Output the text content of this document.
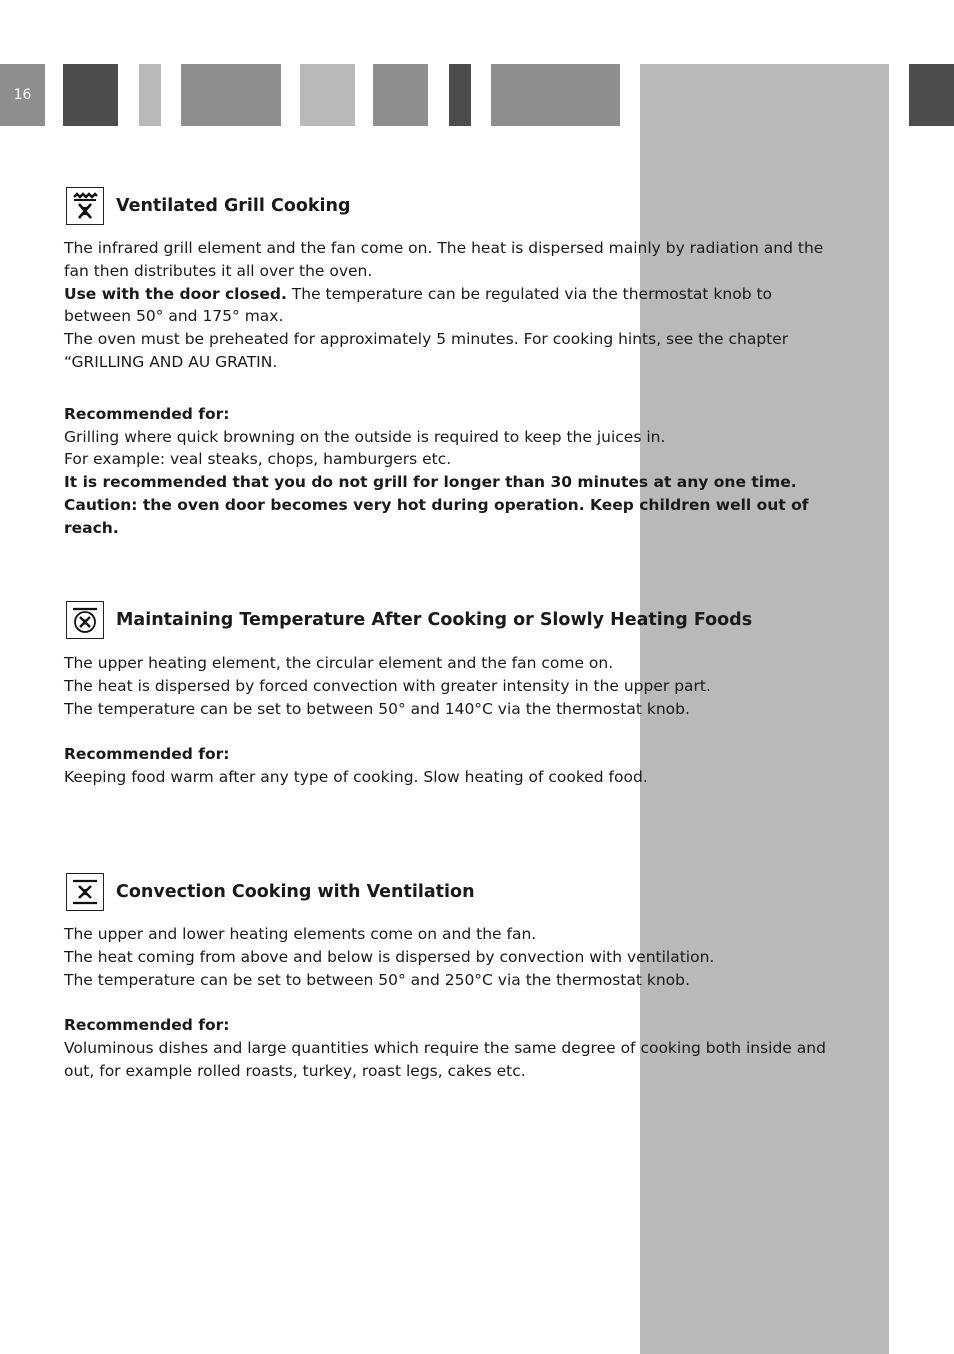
16
Ventilated Grill Cooking

The infrared grill element and the fan come on. The heat is dispersed mainly by radiation and the fan then distributes it all over the oven.

Use with the door closed. The temperature can be regulated via the thermostat knob to between 50° and 175° max.

The oven must be preheated for approximately 5 minutes. For cooking hints, see the chapter “GRILLING AND AU GRATIN.

Recommended for:

Grilling where quick browning on the outside is required to keep the juices in.

For example: veal steaks, chops, hamburgers etc.

It is recommended that you do not grill for longer than 30 minutes at any one time.

Caution: the oven door becomes very hot during operation. Keep children well out of reach.

Maintaining Temperature After Cooking or Slowly Heating Foods

The upper heating element, the circular element and the fan come on.

The heat is dispersed by forced convection with greater intensity in the upper part.

The temperature can be set to between 50° and 140°C via the thermostat knob.

Recommended for:

Keeping food warm after any type of cooking. Slow heating of cooked food.

Convection Cooking with Ventilation

The upper and lower heating elements come on and the fan.

The heat coming from above and below is dispersed by convection with ventilation.

The temperature can be set to between 50° and 250°C via the thermostat knob.

Recommended for:

Voluminous dishes and large quantities which require the same degree of cooking both inside and out, for example rolled roasts, turkey, roast legs, cakes etc.
